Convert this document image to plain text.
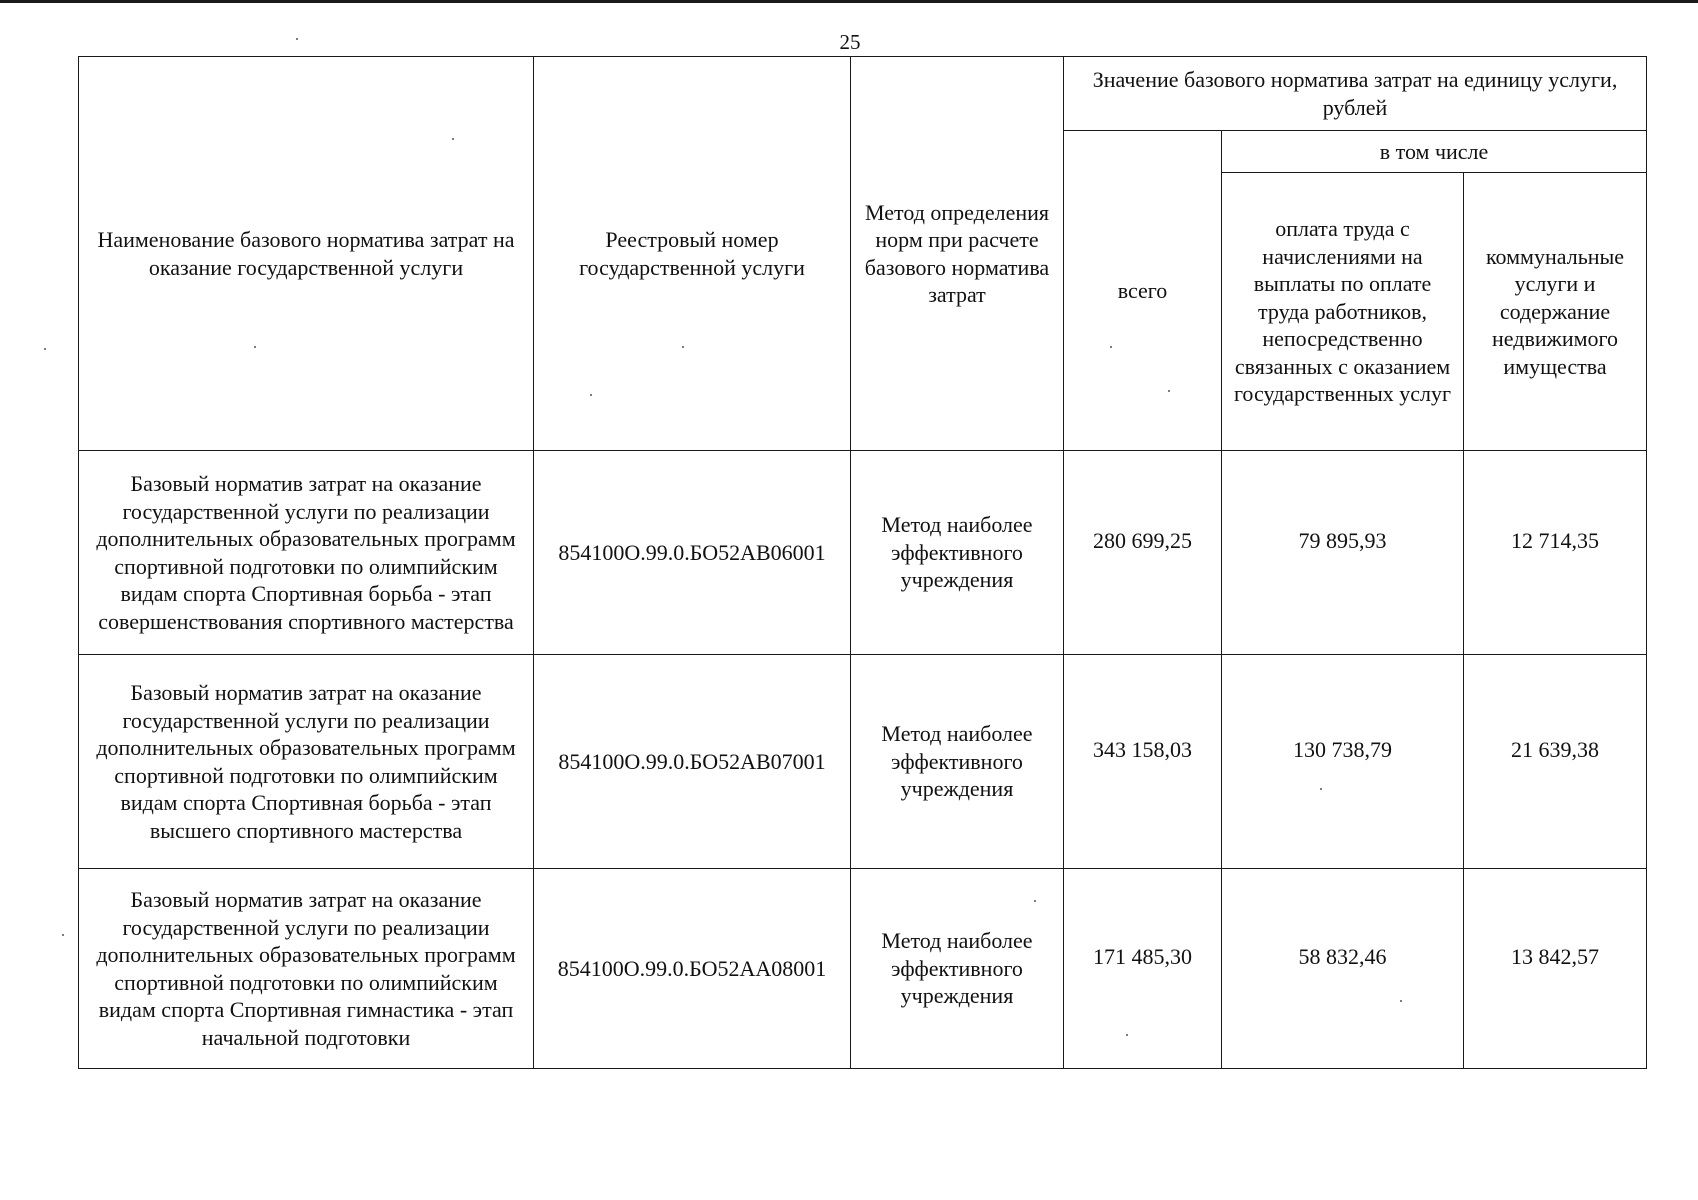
25
Наименование базового норматива затрат на оказание государственной услуги	Реестровый номер государственной услуги	Метод определения норм при расчете базового норматива затрат	Значение базового норматива затрат на единицу услуги, рублей		
			всего	в том числе	
				оплата труда с начислениями на выплаты по оплате труда работников, непосредственно связанных с оказанием государственных услуг	коммунальные услуги и содержание недвижимого имущества
Базовый норматив затрат на оказание государственной услуги по реализации дополнительных образовательных программ спортивной подготовки по олимпийским видам спорта Спортивная борьба - этап совершенствования спортивного мастерства	854100О.99.0.БО52АВ06001	Метод наиболее эффективного учреждения	280 699,25	79 895,93	12 714,35
Базовый норматив затрат на оказание государственной услуги по реализации дополнительных образовательных программ спортивной подготовки по олимпийским видам спорта Спортивная борьба - этап высшего спортивного мастерства	854100О.99.0.БО52АВ07001	Метод наиболее эффективного учреждения	343 158,03	130 738,79	21 639,38
Базовый норматив затрат на оказание государственной услуги по реализации дополнительных образовательных программ спортивной подготовки по олимпийским видам спорта Спортивная гимнастика - этап начальной подготовки	854100О.99.0.БО52АА08001	Метод наиболее эффективного учреждения	171 485,30	58 832,46	13 842,57
